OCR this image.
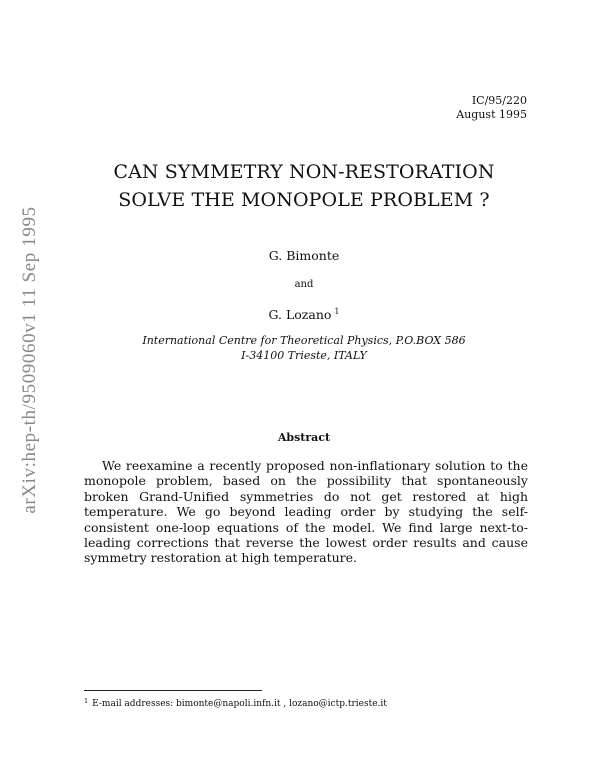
arXiv:hep-th/9509060v1 11 Sep 1995
IC/95/220
August 1995
CAN SYMMETRY NON-RESTORATION
SOLVE THE MONOPOLE PROBLEM ?
G. Bimonte
and
G. Lozano $^1$
International Centre for Theoretical Physics, P.O.BOX 586
I-34100 Trieste, ITALY
Abstract
We reexamine a recently proposed non-inflationary solution to the monopole problem, based on the possibility that spontaneously broken Grand-Unified symmetries do not get restored at high temperature. We go beyond leading order by studying the self-consistent one-loop equations of the model. We find large next-to-leading corrections that reverse the lowest order results and cause symmetry restoration at high temperature.
$^1$ E-mail addresses: bimonte@napoli.infn.it , lozano@ictp.trieste.it
